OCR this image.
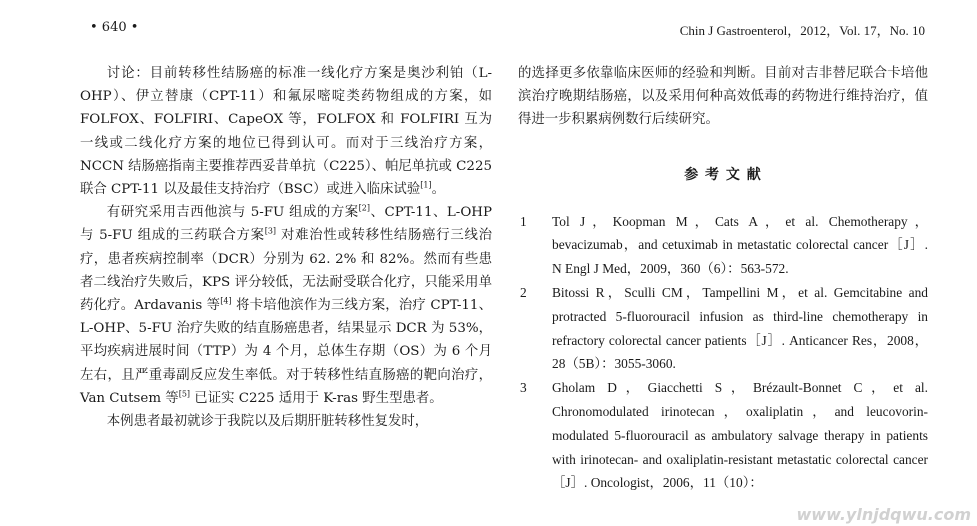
• 640 •	Chin J Gastroenterol，2012，Vol. 17，No. 10

讨论：目前转移性结肠癌的标准一线化疗方案是奥沙利铂（L-OHP）、伊立替康（CPT-11）和氟尿嘧啶类药物组成的方案，如 FOLFOX、FOLFIRI、CapeOX 等，FOLFOX 和 FOLFIRI 互为一线或二线化疗方案的地位已得到认可。而对于三线治疗方案，NCCN 结肠癌指南主要推荐西妥昔单抗（C225）、帕尼单抗或 C225 联合 CPT-11 以及最佳支持治疗（BSC）或进入临床试验[1]。

有研究采用吉西他滨与 5-FU 组成的方案[2]、CPT-11、L-OHP 与 5-FU 组成的三药联合方案[3] 对难治性或转移性结肠癌行三线治疗，患者疾病控制率（DCR）分别为 62. 2% 和 82%。然而有些患者二线治疗失败后，KPS 评分较低，无法耐受联合化疗，只能采用单药化疗。Ardavanis 等[4] 将卡培他滨作为三线方案，治疗 CPT-11、L-OHP、5-FU 治疗失败的结直肠癌患者，结果显示 DCR 为 53%，平均疾病进展时间（TTP）为 4 个月，总体生存期（OS）为 6 个月左右，且严重毒副反应发生率低。对于转移性结直肠癌的靶向治疗，Van Cutsem 等[5] 已证实 C225 适用于 K-ras 野生型患者。

本例患者最初就诊于我院以及后期肝脏转移性复发时，

的选择更多依靠临床医师的经验和判断。目前对吉非替尼联合卡培他滨治疗晚期结肠癌，以及采用何种高效低毒的药物进行维持治疗，值得进一步积累病例数行后续研究。

参 考 文 献
1	Tol J，Koopman M，Cats A，et al. Chemotherapy，bevacizumab，and cetuximab in metastatic colorectal cancer［J］. N Engl J Med，2009，360（6）：563-572.
2	Bitossi R，Sculli CM，Tampellini M，et al. Gemcitabine and protracted 5-fluorouracil infusion as third-line chemotherapy in refractory colorectal cancer patients［J］. Anticancer Res，2008，28（5B）：3055-3060.
3	Gholam D，Giacchetti S，Brézault-Bonnet C，et al. Chronomodulated irinotecan，oxaliplatin，and leucovorin-modulated 5-fluorouracil as ambulatory salvage therapy in patients with irinotecan- and oxaliplatin-resistant metastatic colorectal cancer［J］. Oncologist，2006，11（10）：
www.ylnjdqwu.com
